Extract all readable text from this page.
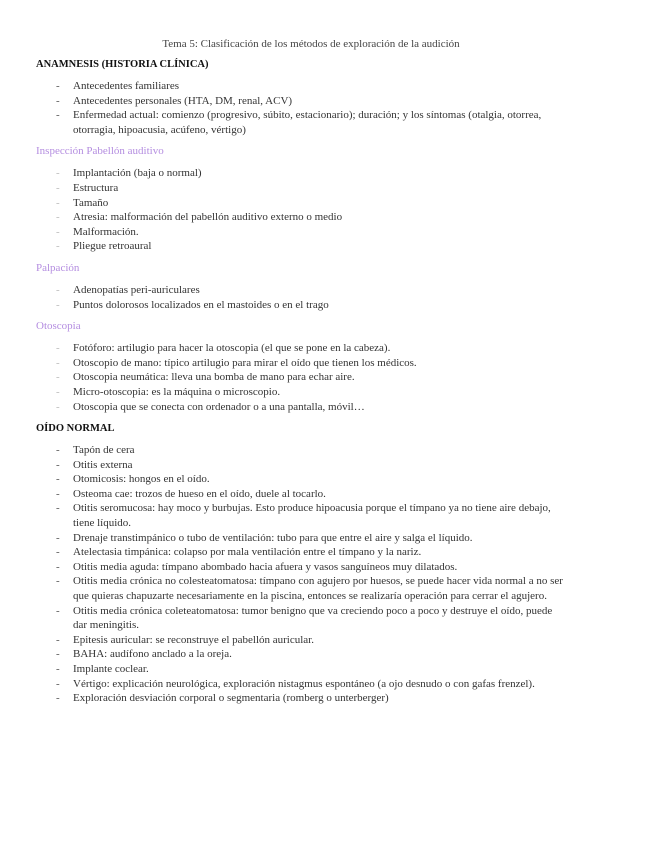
Tema 5: Clasificación de los métodos de exploración de la audición
ANAMNESIS (HISTORIA CLÍNICA)
- Antecedentes familiares
- Antecedentes personales (HTA, DM, renal, ACV)
- Enfermedad actual: comienzo (progresivo, súbito, estacionario); duración; y los síntomas (otalgia, otorrea, otorragia, hipoacusia, acúfeno, vértigo)
Inspección Pabellón auditivo
- Implantación (baja o normal)
- Estructura
- Tamaño
- Atresia: malformación del pabellón auditivo externo o medio
- Malformación.
- Pliegue retroaural
Palpación
- Adenopatías peri-auriculares
- Puntos dolorosos localizados en el mastoides o en el trago
Otoscopia
- Fotóforo: artilugio para hacer la otoscopia (el que se pone en la cabeza).
- Otoscopio de mano: típico artilugio para mirar el oído que tienen los médicos.
- Otoscopia neumática: lleva una bomba de mano para echar aire.
- Micro-otoscopia: es la máquina o microscopio.
- Otoscopia que se conecta con ordenador o a una pantalla, móvil…
OÍDO NORMAL
- Tapón de cera
- Otitis externa
- Otomicosis: hongos en el oído.
- Osteoma cae: trozos de hueso en el oído, duele al tocarlo.
- Otitis seromucosa: hay moco y burbujas. Esto produce hipoacusia porque el tímpano ya no tiene aire debajo, tiene líquido.
- Drenaje transtimpánico o tubo de ventilación: tubo para que entre el aire y salga el líquido.
- Atelectasia timpánica: colapso por mala ventilación entre el tímpano y la nariz.
- Otitis media aguda: tímpano abombado hacia afuera y vasos sanguíneos muy dilatados.
- Otitis media crónica no colesteatomatosa: tímpano con agujero por huesos, se puede hacer vida normal a no ser que quieras chapuzarte necesariamente en la piscina, entonces se realizaría operación para cerrar el agujero.
- Otitis media crónica coleteatomatosa: tumor benigno que va creciendo poco a poco y destruye el oído, puede dar meningitis.
- Epitesis auricular: se reconstruye el pabellón auricular.
- BAHA: audífono anclado a la oreja.
- Implante coclear.
- Vértigo: explicación neurológica, exploración nistagmus espontáneo (a ojo desnudo o con gafas frenzel).
- Exploración desviación corporal o segmentaria (romberg o unterberger)
